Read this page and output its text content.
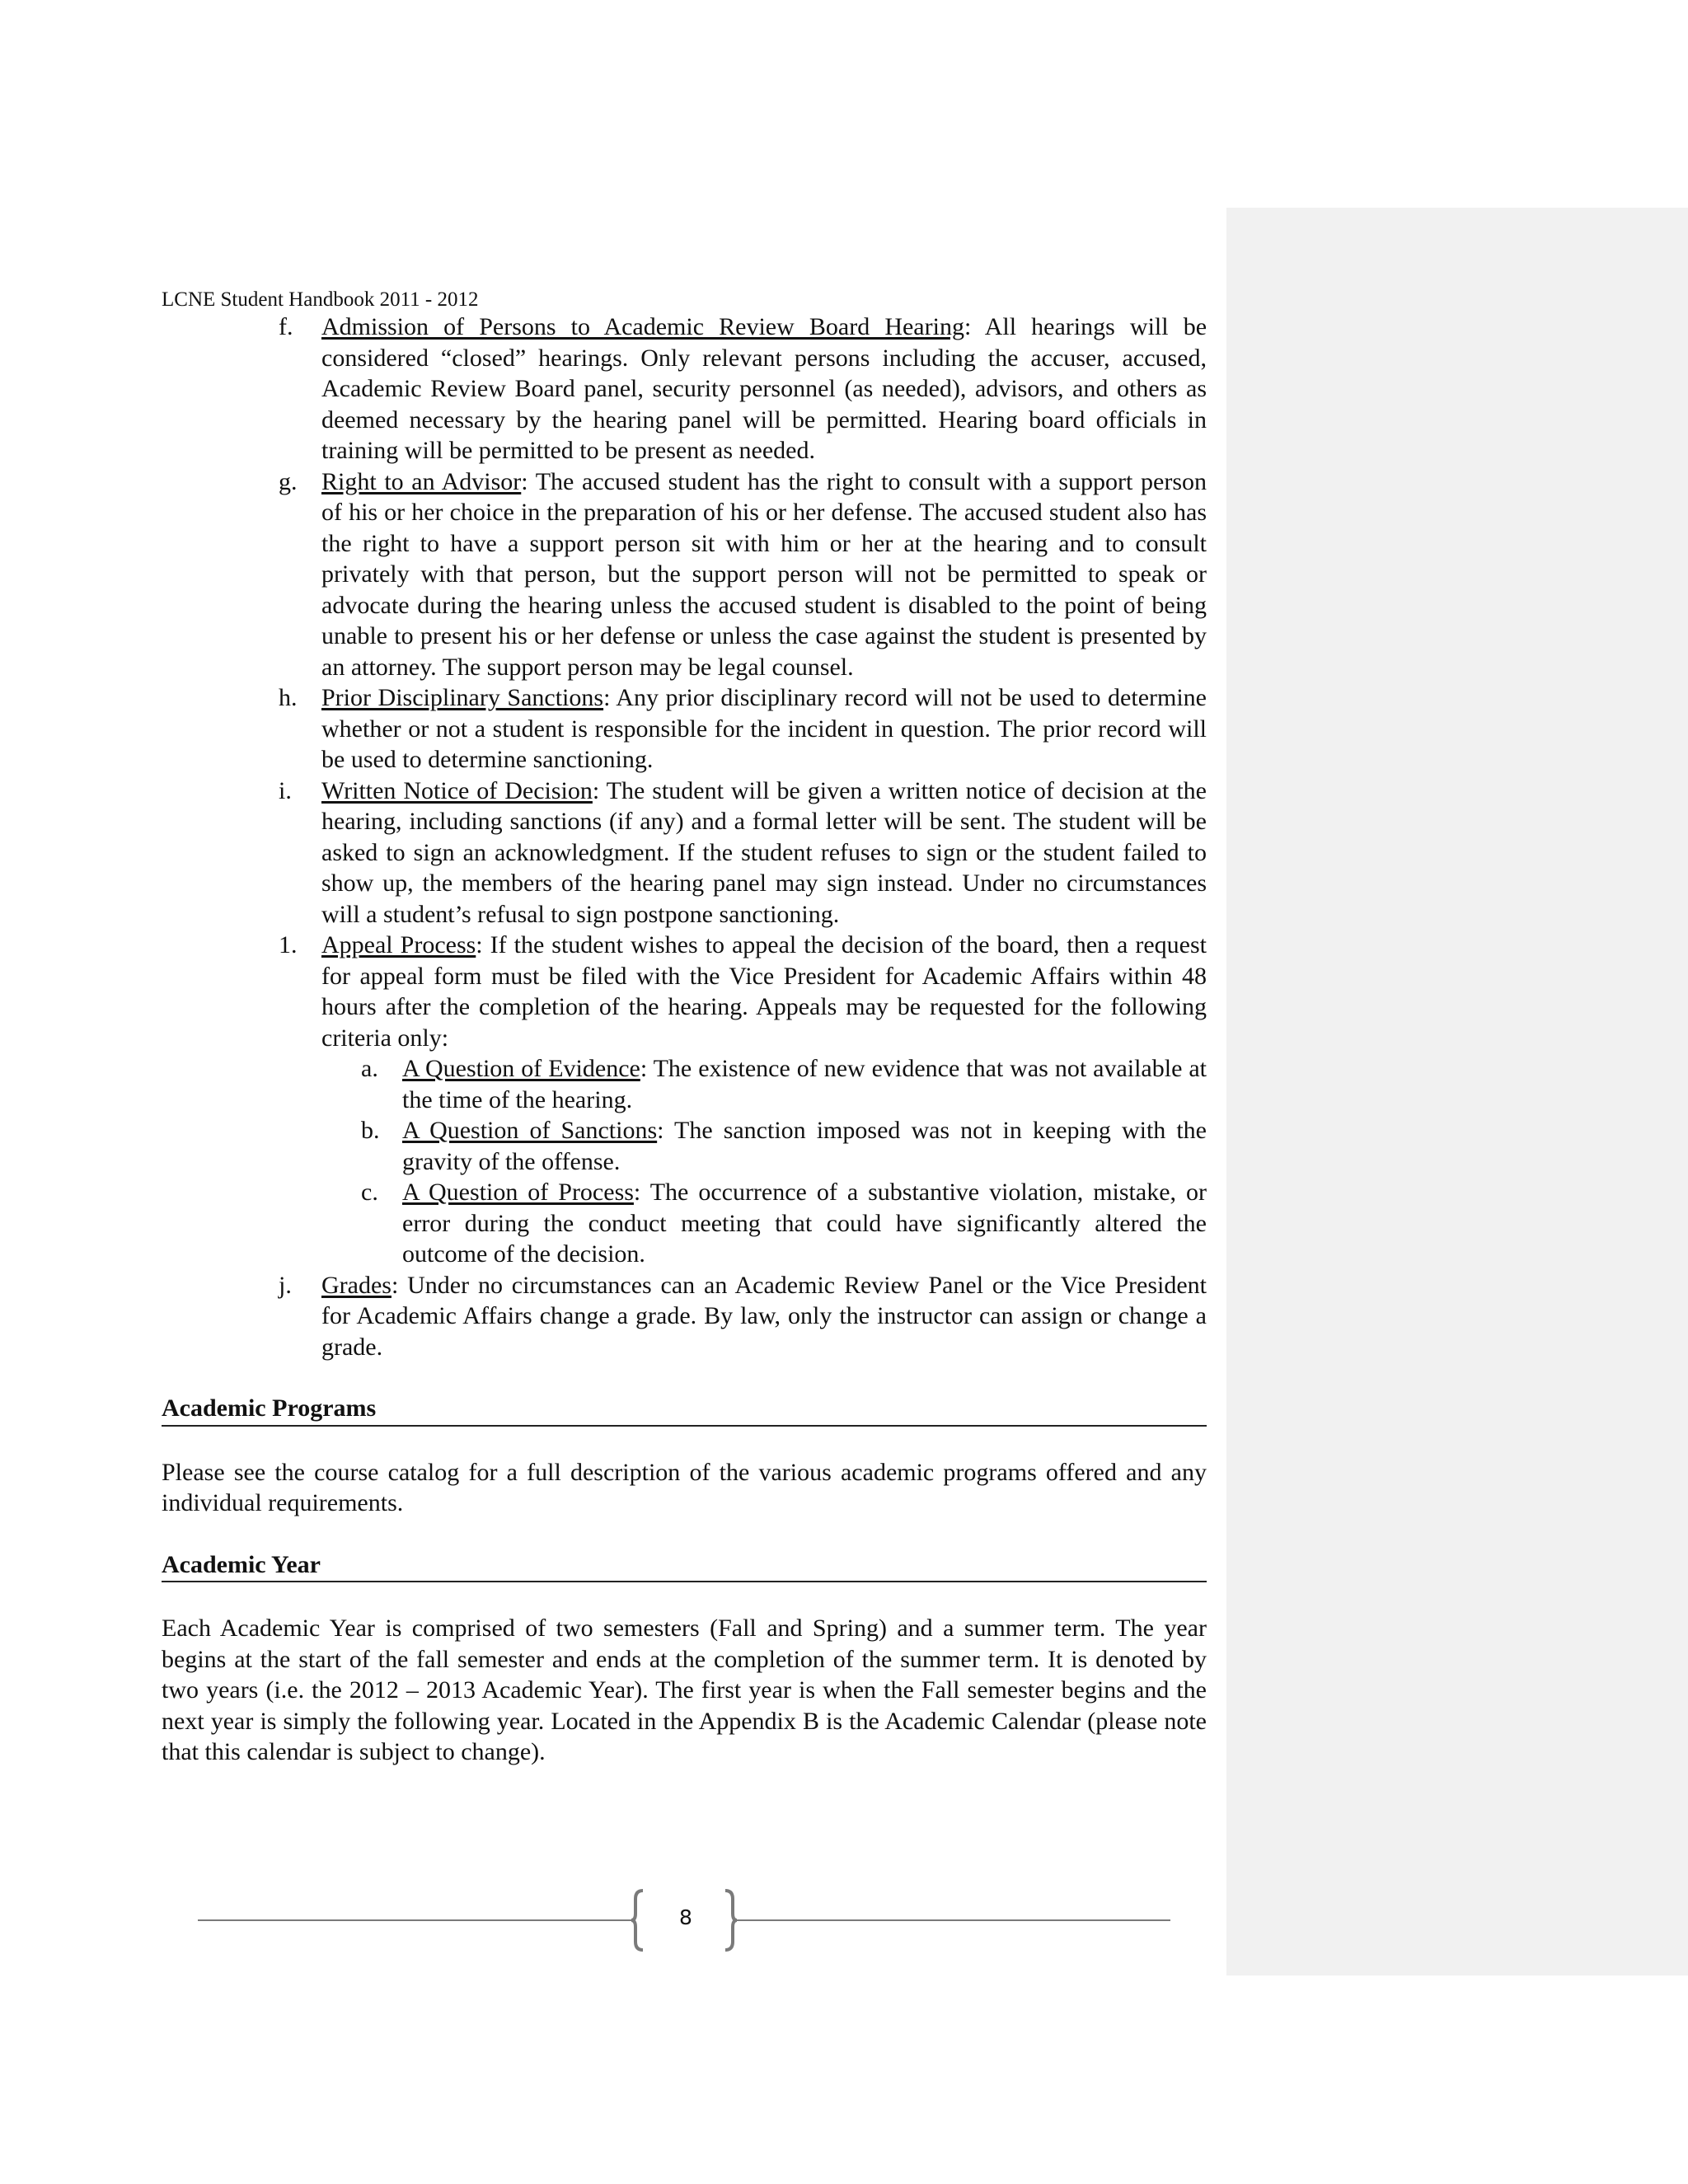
LCNE Student Handbook 2011 - 2012
f. Admission of Persons to Academic Review Board Hearing: All hearings will be considered “closed” hearings. Only relevant persons including the accuser, accused, Academic Review Board panel, security personnel (as needed), advisors, and others as deemed necessary by the hearing panel will be permitted. Hearing board officials in training will be permitted to be present as needed.
g. Right to an Advisor: The accused student has the right to consult with a support person of his or her choice in the preparation of his or her defense. The accused student also has the right to have a support person sit with him or her at the hearing and to consult privately with that person, but the support person will not be permitted to speak or advocate during the hearing unless the accused student is disabled to the point of being unable to present his or her defense or unless the case against the student is presented by an attorney. The support person may be legal counsel.
h. Prior Disciplinary Sanctions: Any prior disciplinary record will not be used to determine whether or not a student is responsible for the incident in question. The prior record will be used to determine sanctioning.
i. Written Notice of Decision: The student will be given a written notice of decision at the hearing, including sanctions (if any) and a formal letter will be sent. The student will be asked to sign an acknowledgment. If the student refuses to sign or the student failed to show up, the members of the hearing panel may sign instead. Under no circumstances will a student’s refusal to sign postpone sanctioning.
1. Appeal Process: If the student wishes to appeal the decision of the board, then a request for appeal form must be filed with the Vice President for Academic Affairs within 48 hours after the completion of the hearing. Appeals may be requested for the following criteria only:
a. A Question of Evidence: The existence of new evidence that was not available at the time of the hearing.
b. A Question of Sanctions: The sanction imposed was not in keeping with the gravity of the offense.
c. A Question of Process: The occurrence of a substantive violation, mistake, or error during the conduct meeting that could have significantly altered the outcome of the decision.
j. Grades: Under no circumstances can an Academic Review Panel or the Vice President for Academic Affairs change a grade. By law, only the instructor can assign or change a grade.
Academic Programs
Please see the course catalog for a full description of the various academic programs offered and any individual requirements.
Academic Year
Each Academic Year is comprised of two semesters (Fall and Spring) and a summer term. The year begins at the start of the fall semester and ends at the completion of the summer term. It is denoted by two years (i.e. the 2012 – 2013 Academic Year). The first year is when the Fall semester begins and the next year is simply the following year. Located in the Appendix B is the Academic Calendar (please note that this calendar is subject to change).
8
